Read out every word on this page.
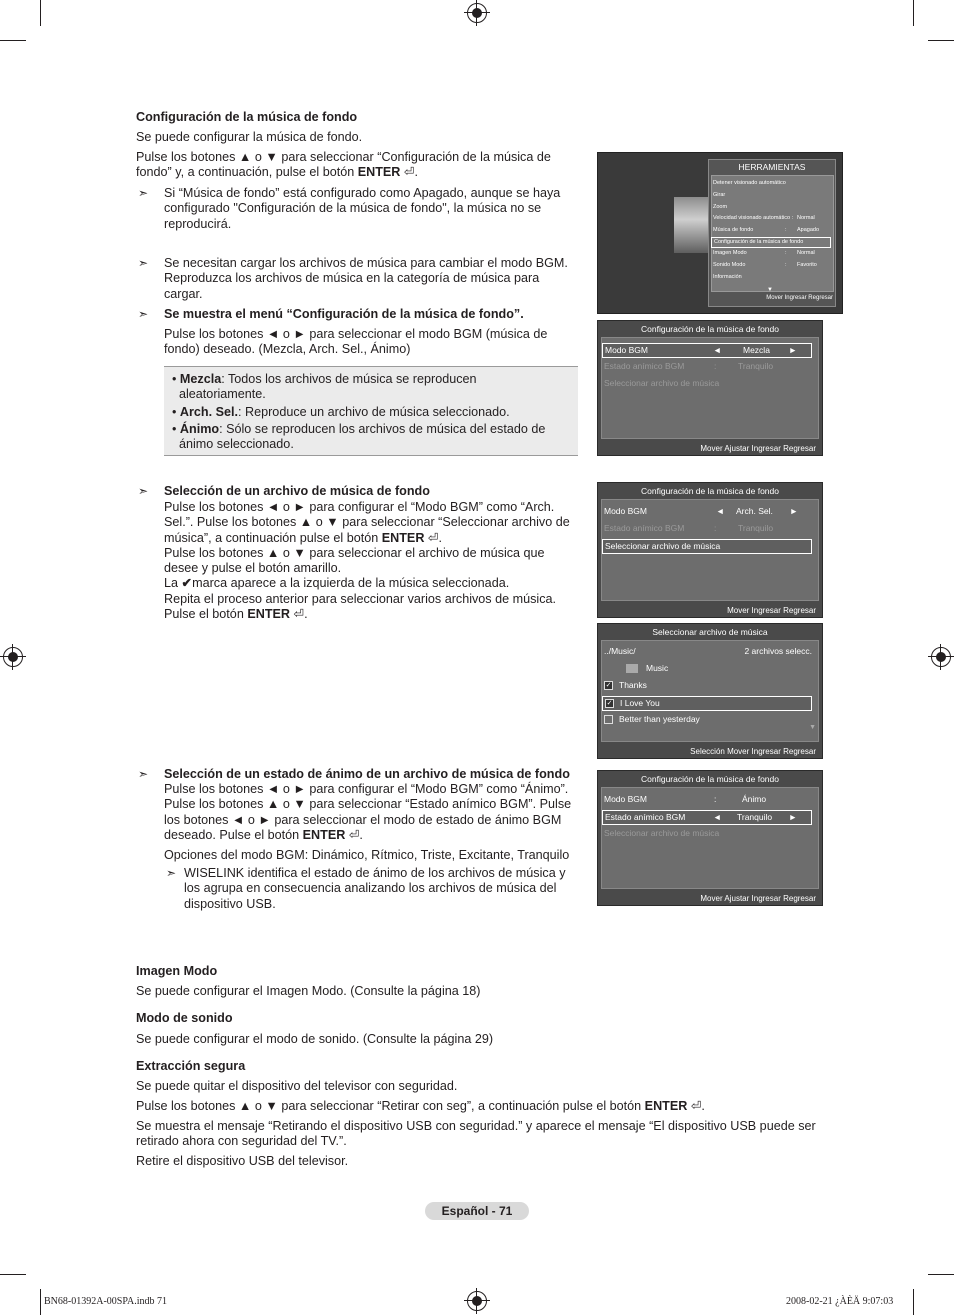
Configuración de la música de fondo
Se puede configurar la música de fondo.
Pulse los botones ▲ o ▼ para seleccionar “Configuración de la música de
fondo” y, a continuación, pulse el botón ENTER ⏎.
➣ Si “Música de fondo” está configurado como Apagado, aunque se haya
configurado "Configuración de la música de fondo", la música no se
reproducirá.
➣ Se necesitan cargar los archivos de música para cambiar el modo BGM.
Reproduzca los archivos de música en la categoría de música para
cargar.
➣ Se muestra el menú “Configuración de la música de fondo”.
Pulse los botones ◄ o ► para seleccionar el modo BGM (música de
fondo) deseado. (Mezcla, Arch. Sel., Ánimo)
• Mezcla: Todos los archivos de música se reproducen
aleatoriamente.
• Arch. Sel.: Reproduce un archivo de música seleccionado.
• Ánimo: Sólo se reproducen los archivos de música del estado de
ánimo seleccionado.
➣ Selección de un archivo de música de fondo
Pulse los botones ◄ o ► para configurar el “Modo BGM” como “Arch.
Sel.”. Pulse los botones ▲ o ▼ para seleccionar “Seleccionar archivo de
música”, a continuación pulse el botón ENTER ⏎.
Pulse los botones ▲ o ▼ para seleccionar el archivo de música que
desee y pulse el botón amarillo.
La ✔marca aparece a la izquierda de la música seleccionada.
Repita el proceso anterior para seleccionar varios archivos de música.
Pulse el botón ENTER ⏎.
➣ Selección de un estado de ánimo de un archivo de música de fondo
Pulse los botones ◄ o ► para configurar el “Modo BGM” como “Ánimo”.
Pulse los botones ▲ o ▼ para seleccionar “Estado anímico BGM”. Pulse
los botones ◄ o ► para seleccionar el modo de estado de ánimo BGM
deseado. Pulse el botón ENTER ⏎.
Opciones del modo BGM: Dinámico, Rítmico, Triste, Excitante, Tranquilo
➣ WISELINK identifica el estado de ánimo de los archivos de música y
los agrupa en consecuencia analizando los archivos de música del
dispositivo USB.
Imagen Modo
Se puede configurar el Imagen Modo. (Consulte la página 18)
Modo de sonido
Se puede configurar el modo de sonido. (Consulte la página 29)
Extracción segura
Se puede quitar el dispositivo del televisor con seguridad.
Pulse los botones ▲ o ▼ para seleccionar “Retirar con seg”, a continuación pulse el botón ENTER ⏎.
Se muestra el mensaje “Retirando el dispositivo USB con seguridad.” y aparece el mensaje “El dispositivo USB puede ser
retirado ahora con seguridad del TV.”.
Retire el dispositivo USB del televisor.
HERRAMIENTAS
Detener visionado automático
Girar
Zoom
Velocidad visionado automático : Normal
Música de fondo	: Apagado
Configuración de la música de fondo
Imagen Modo	: Normal
Sonido Modo	: Favorito
Información
▼
Mover Ingresar Regresar
Configuración de la música de fondo
Modo BGM	◄	Mezcla ►
Estado anímico BGM	:	Tranquilo
Seleccionar archivo de música
Mover Ajustar Ingresar Regresar
Configuración de la música de fondo
Modo BGM	◄ Arch. Sel. ►
Estado anímico BGM	:	Tranquilo
Seleccionar archivo de música
Mover Ingresar Regresar
Seleccionar archivo de música
../Music/	2 archivos selecc.
Music
✓ Thanks
✓ I Love You
Better than yesterday
▼
Selección Mover Ingresar Regresar
Configuración de la música de fondo
Modo BGM	:	Ánimo
Estado anímico BGM	◄ Tranquilo ►
Seleccionar archivo de música
Mover Ajustar Ingresar Regresar
Español - 71
BN68-01392A-00SPA.indb 71	2008-02-21 ¿ÀÈÄ 9:07:03
